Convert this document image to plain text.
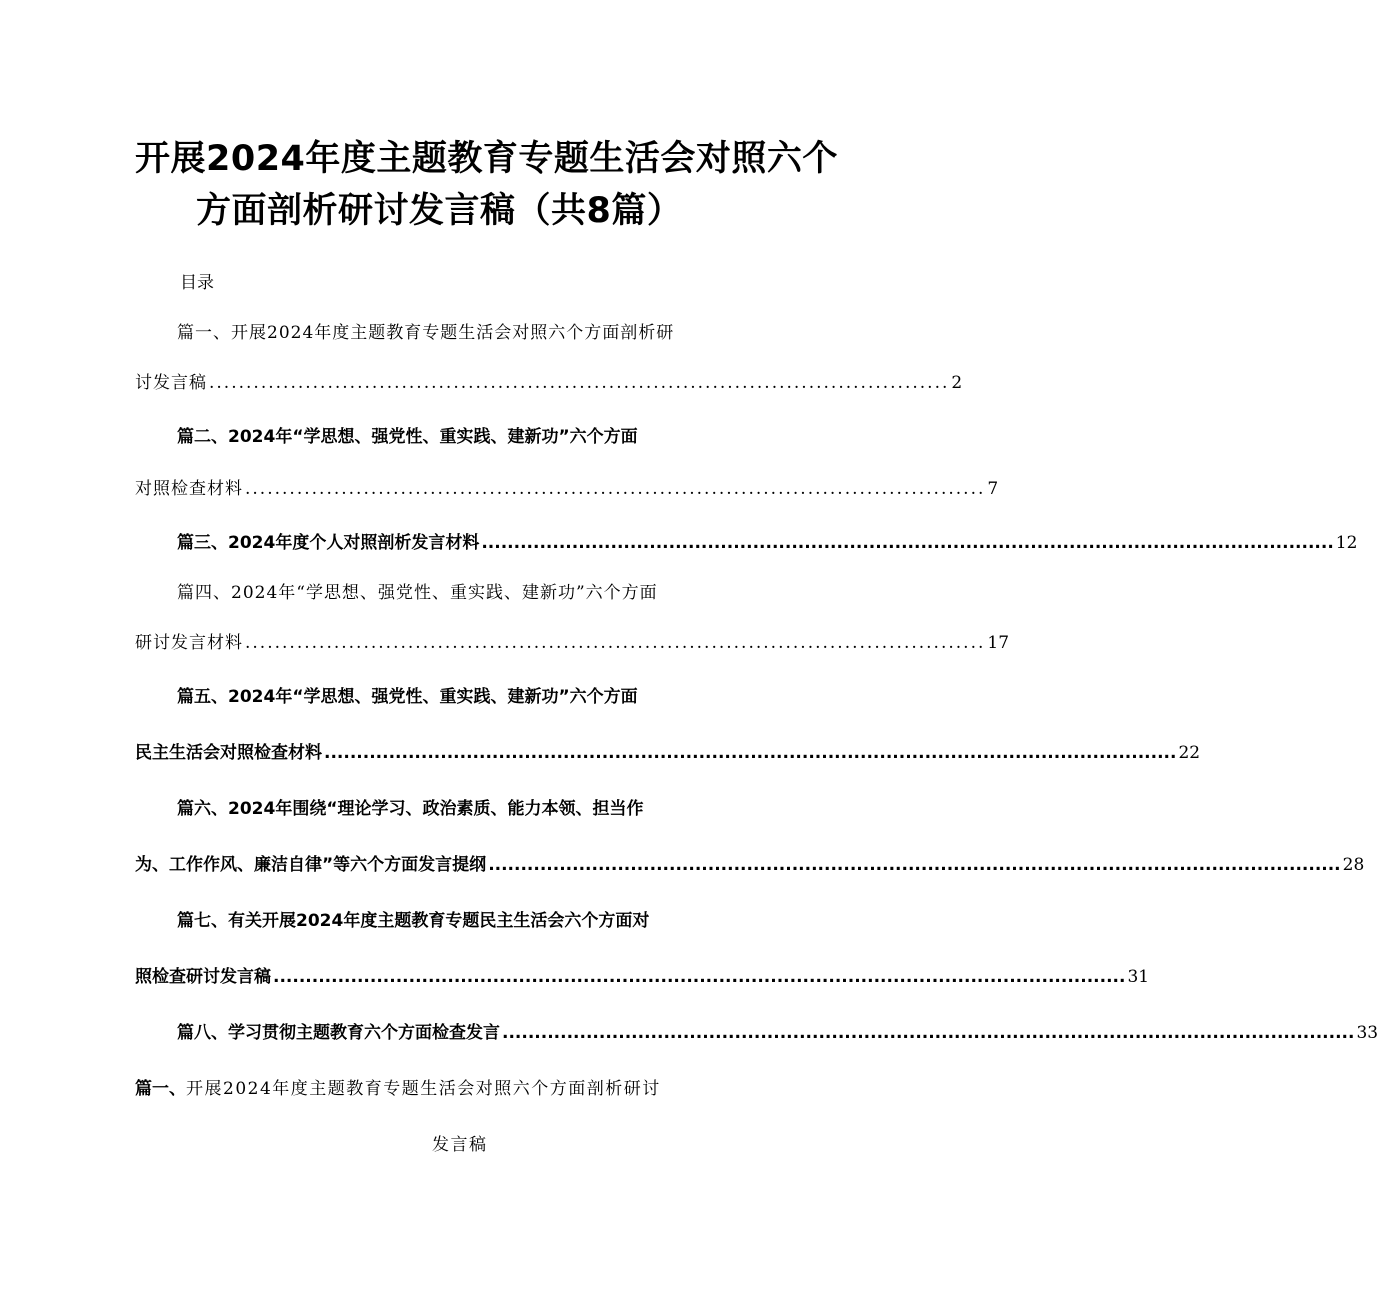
开展2024年度主题教育专题生活会对照六个
方面剖析研讨发言稿（共8篇）
目录
篇一、开展2024年度主题教育专题生活会对照六个方面剖析研
讨发言稿 .................................................................................................... 2
篇二、2024年“学思想、强党性、重实践、建新功”六个方面
对照检查材料 .................................................................................................... 7
篇三、2024年度个人对照剖析发言材料 .................................................................................................................................... 12
篇四、2024年“学思想、强党性、重实践、建新功”六个方面
研讨发言材料 .................................................................................................... 17
篇五、2024年“学思想、强党性、重实践、建新功”六个方面
民主生活会对照检查材料 .................................................................................................................................... 22
篇六、2024年围绕“理论学习、政治素质、能力本领、担当作
为、工作作风、廉洁自律”等六个方面发言提纲 .................................................................................................................................... 28
篇七、有关开展2024年度主题教育专题民主生活会六个方面对
照检查研讨发言稿 .................................................................................................................................... 31
篇八、学习贯彻主题教育六个方面检查发言 .................................................................................................................................... 33
篇一、开展2024年度主题教育专题生活会对照六个方面剖析研讨
发言稿
